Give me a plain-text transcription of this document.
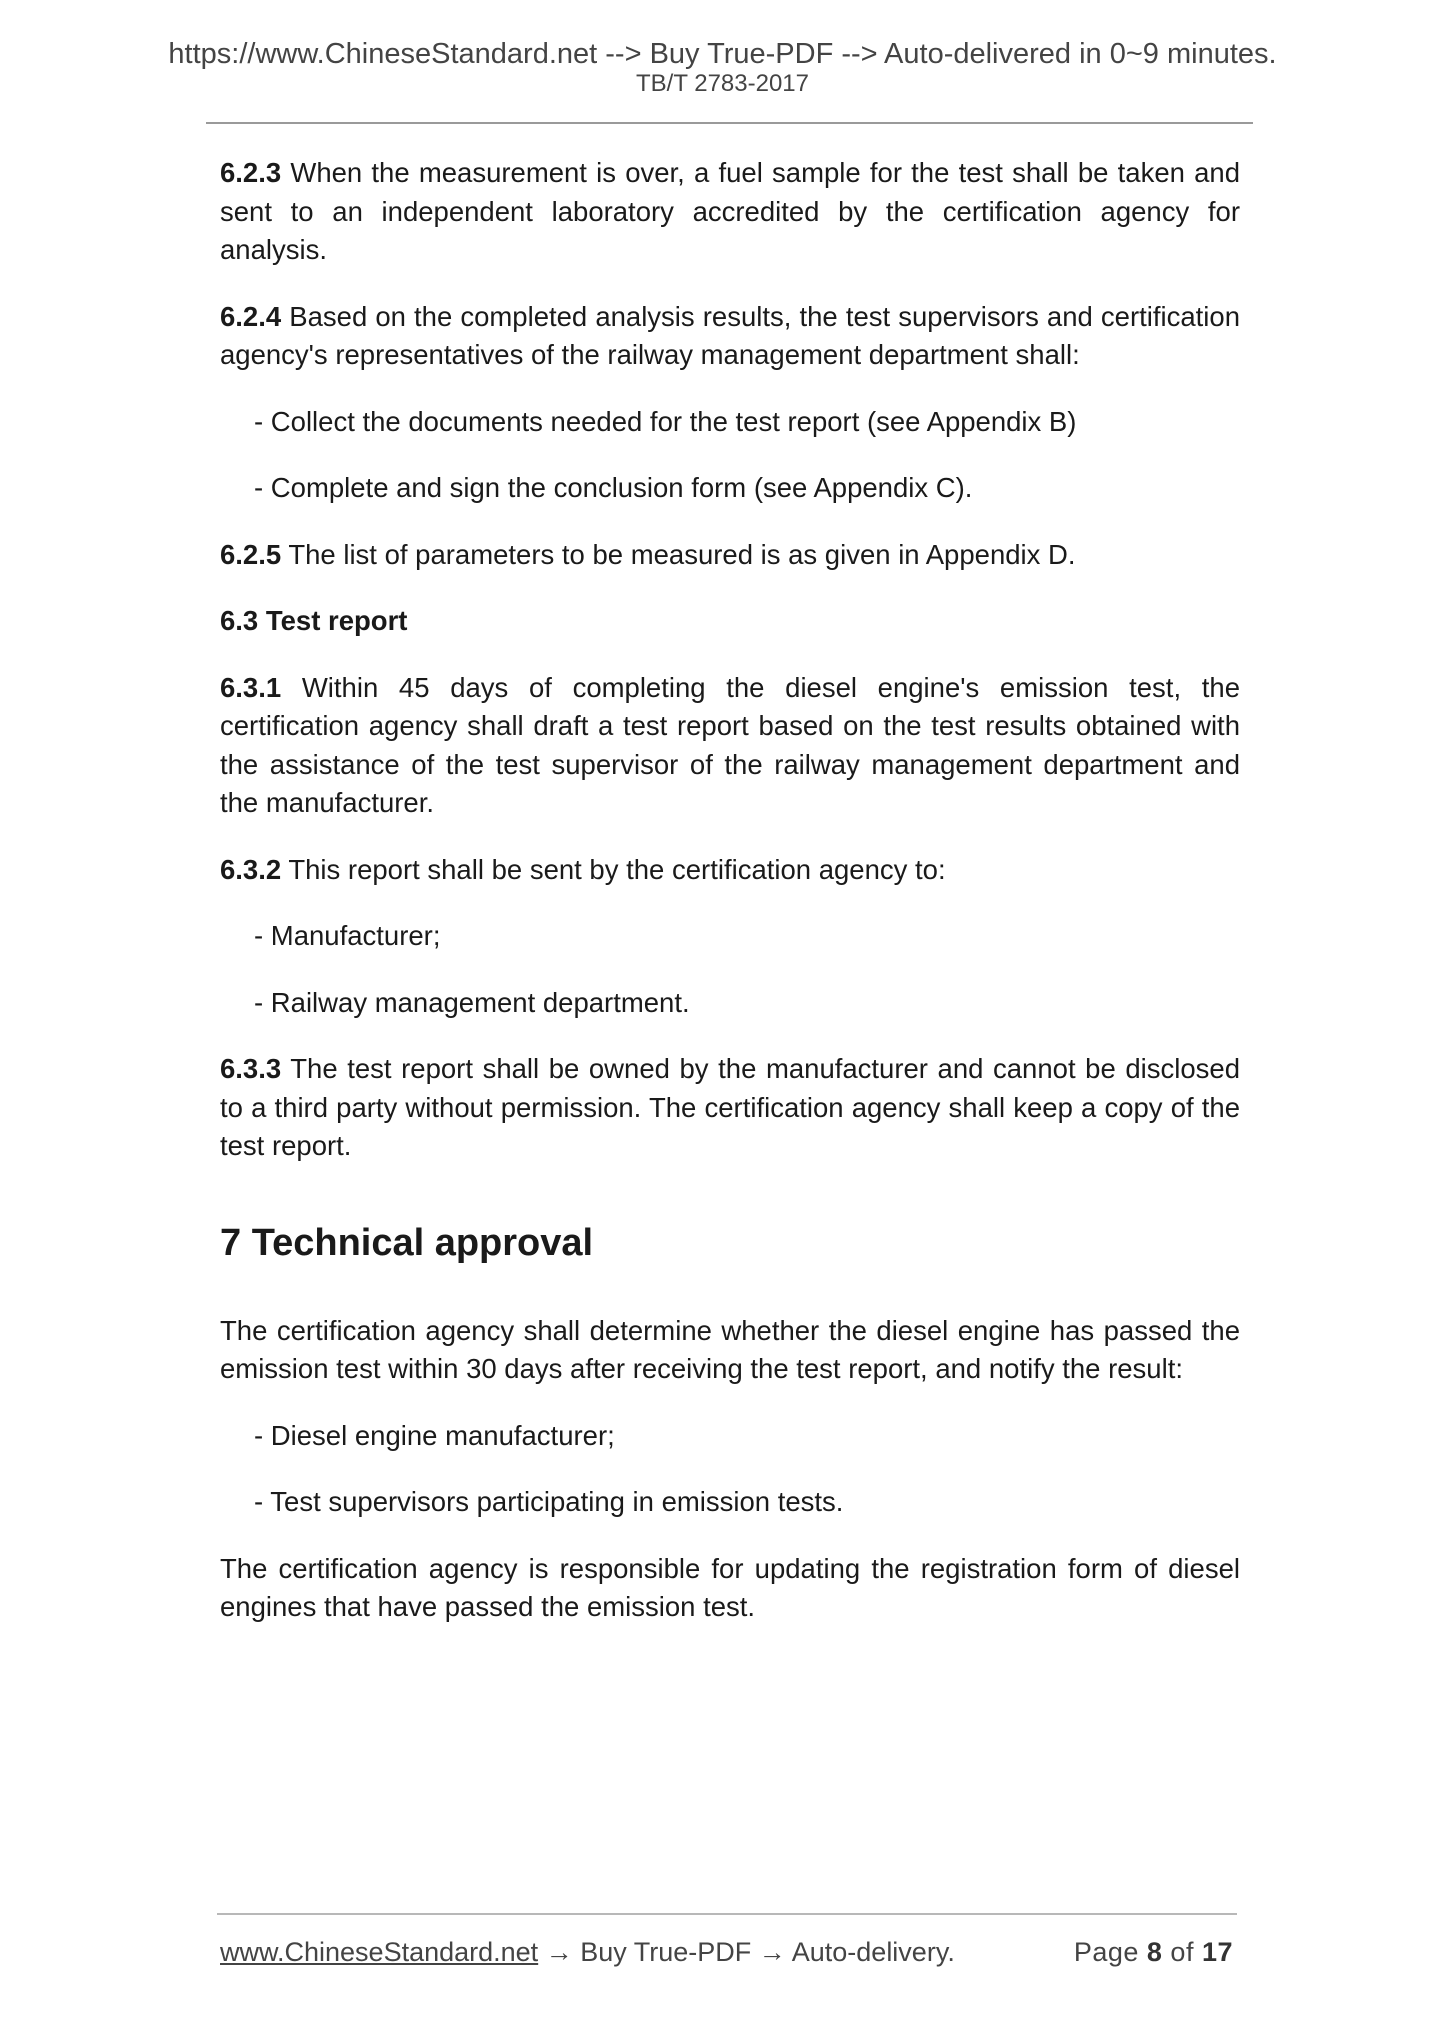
https://www.ChineseStandard.net --> Buy True-PDF --> Auto-delivered in 0~9 minutes.
TB/T 2783-2017

6.2.3 When the measurement is over, a fuel sample for the test shall be taken and sent to an independent laboratory accredited by the certification agency for analysis.

6.2.4 Based on the completed analysis results, the test supervisors and certification agency's representatives of the railway management department shall:

- Collect the documents needed for the test report (see Appendix B)

- Complete and sign the conclusion form (see Appendix C).

6.2.5 The list of parameters to be measured is as given in Appendix D.

6.3 Test report

6.3.1 Within 45 days of completing the diesel engine's emission test, the certification agency shall draft a test report based on the test results obtained with the assistance of the test supervisor of the railway management department and the manufacturer.

6.3.2 This report shall be sent by the certification agency to:

- Manufacturer;

- Railway management department.

6.3.3 The test report shall be owned by the manufacturer and cannot be disclosed to a third party without permission. The certification agency shall keep a copy of the test report.

7 Technical approval

The certification agency shall determine whether the diesel engine has passed the emission test within 30 days after receiving the test report, and notify the result:

- Diesel engine manufacturer;

- Test supervisors participating in emission tests.

The certification agency is responsible for updating the registration form of diesel engines that have passed the emission test.

www.ChineseStandard.net → Buy True-PDF → Auto-delivery.	Page 8 of 17
